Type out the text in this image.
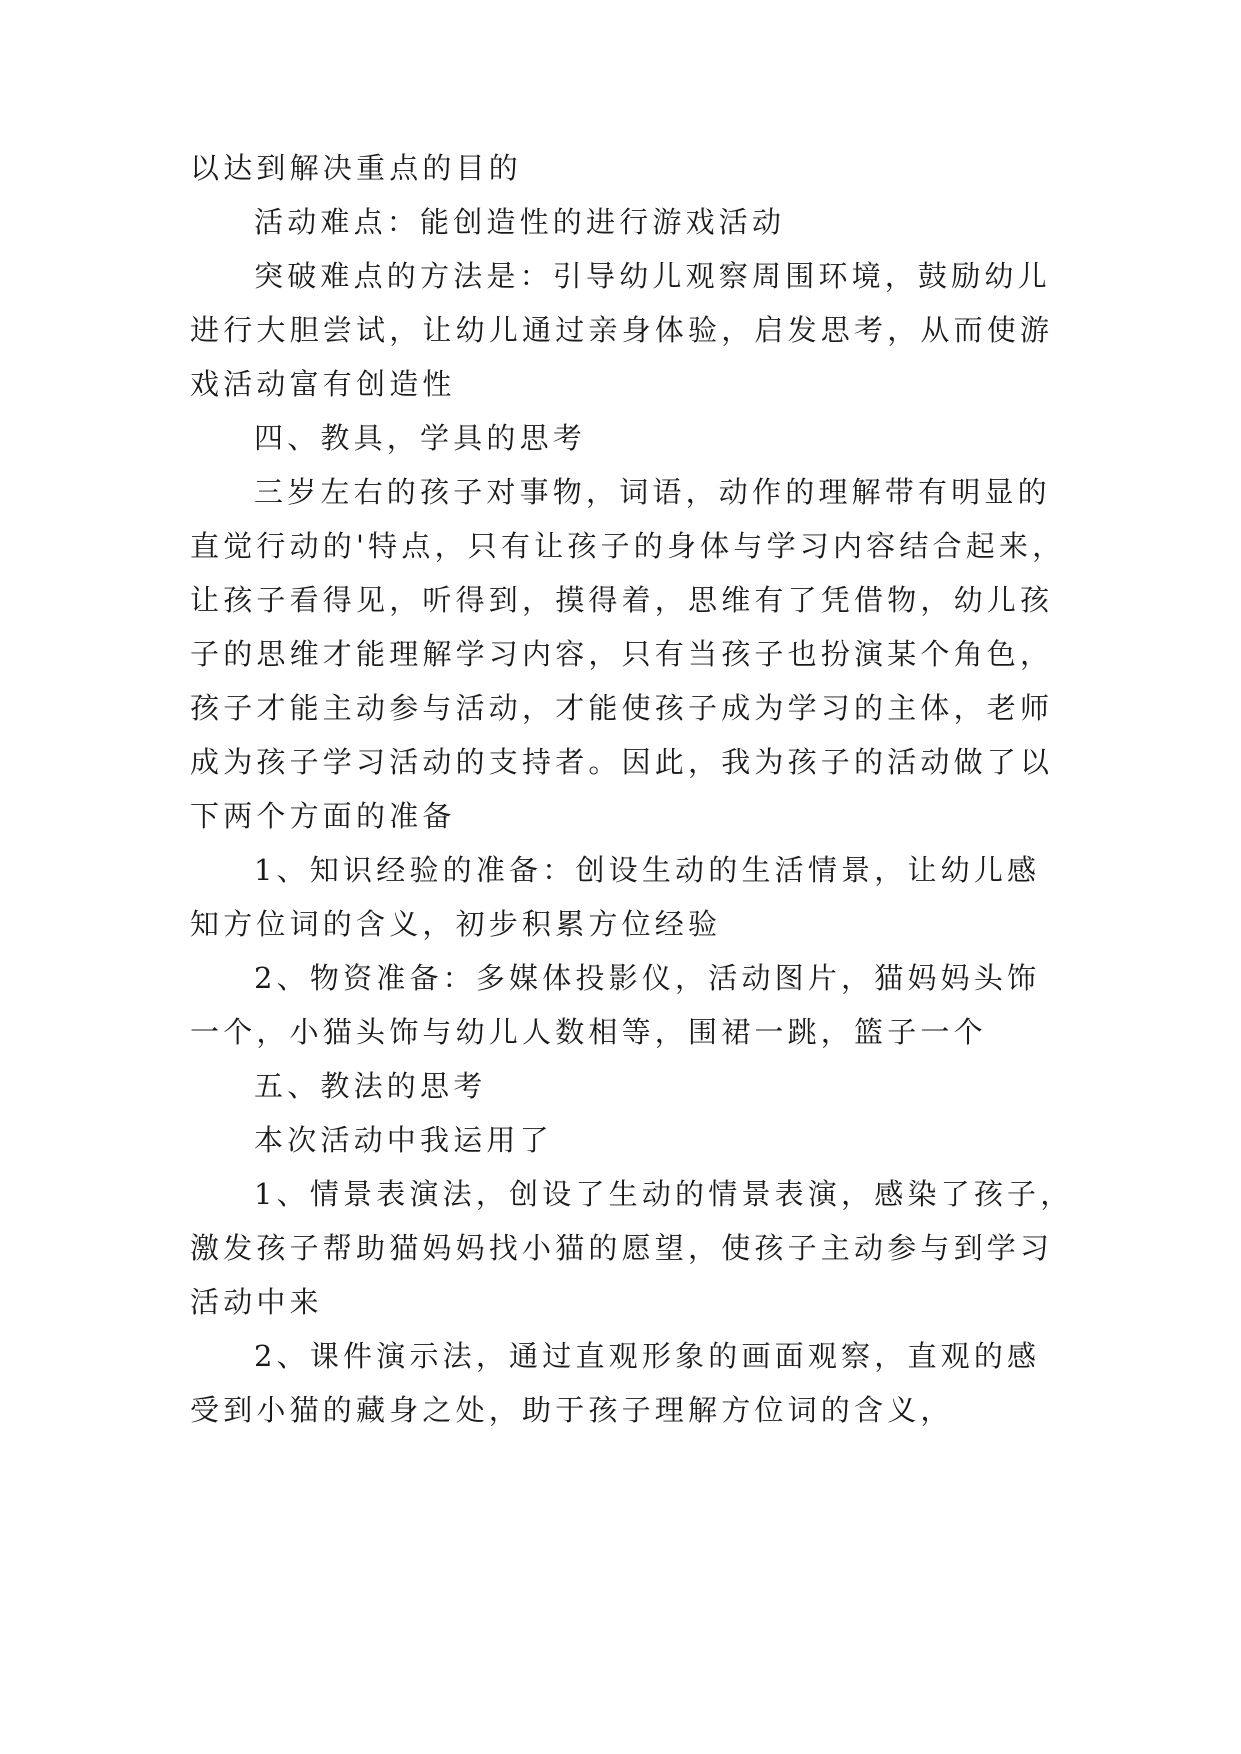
以达到解决重点的目的
活动难点：能创造性的进行游戏活动
突破难点的方法是：引导幼儿观察周围环境，鼓励幼儿
进行大胆尝试，让幼儿通过亲身体验，启发思考，从而使游
戏活动富有创造性
四、教具，学具的思考
三岁左右的孩子对事物，词语，动作的理解带有明显的
直觉行动的'特点，只有让孩子的身体与学习内容结合起来，
让孩子看得见，听得到，摸得着，思维有了凭借物，幼儿孩
子的思维才能理解学习内容，只有当孩子也扮演某个角色，
孩子才能主动参与活动，才能使孩子成为学习的主体，老师
成为孩子学习活动的支持者。因此，我为孩子的活动做了以
下两个方面的准备
1、知识经验的准备：创设生动的生活情景，让幼儿感
知方位词的含义，初步积累方位经验
2、物资准备：多媒体投影仪，活动图片，猫妈妈头饰
一个，小猫头饰与幼儿人数相等，围裙一跳，篮子一个
五、教法的思考
本次活动中我运用了
1、情景表演法，创设了生动的情景表演，感染了孩子，
激发孩子帮助猫妈妈找小猫的愿望，使孩子主动参与到学习
活动中来
2、课件演示法，通过直观形象的画面观察，直观的感
受到小猫的藏身之处，助于孩子理解方位词的含义，
